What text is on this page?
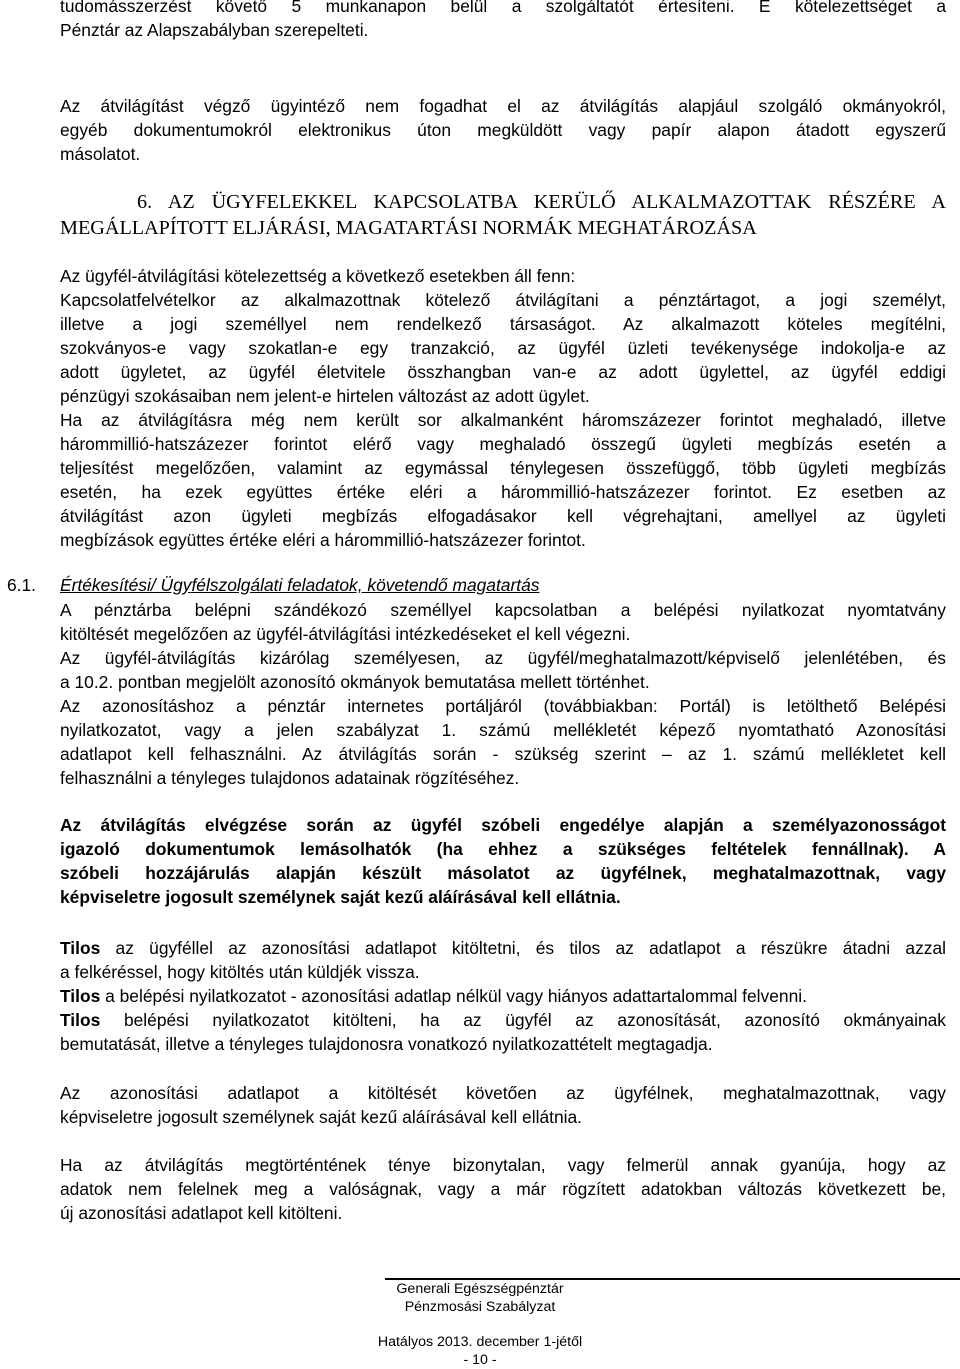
tudomásszerzést követő 5 munkanapon belül a szolgáltatót értesíteni. E kötelezettséget a
Pénztár az Alapszabályban szerepelteti.
Az átvilágítást végző ügyintéző nem fogadhat el az átvilágítás alapjául szolgáló okmányokról,
egyéb dokumentumokról elektronikus úton megküldött vagy papír alapon átadott egyszerű
másolatot.
6. AZ ÜGYFELEKKEL KAPCSOLATBA KERÜLŐ ALKALMAZOTTAK RÉSZÉRE A
MEGÁLLAPÍTOTT ELJÁRÁSI, MAGATARTÁSI NORMÁK MEGHATÁROZÁSA
Az ügyfél-átvilágítási kötelezettség a következő esetekben áll fenn:
Kapcsolatfelvételkor az alkalmazottnak kötelező átvilágítani a pénztártagot, a jogi személyt,
illetve a jogi személlyel nem rendelkező társaságot. Az alkalmazott köteles megítélni,
szokványos-e vagy szokatlan-e egy tranzakció, az ügyfél üzleti tevékenysége indokolja-e az
adott ügyletet, az ügyfél életvitele összhangban van-e az adott ügylettel, az ügyfél eddigi
pénzügyi szokásaiban nem jelent-e hirtelen változást az adott ügylet.
Ha az átvilágításra még nem került sor alkalmanként háromszázezer forintot meghaladó, illetve
hárommillió-hatszázezer forintot elérő vagy meghaladó összegű ügyleti megbízás esetén a
teljesítést megelőzően, valamint az egymással ténylegesen összefüggő, több ügyleti megbízás
esetén, ha ezek együttes értéke eléri a hárommillió-hatszázezer forintot. Ez esetben az
átvilágítást azon ügyleti megbízás elfogadásakor kell végrehajtani, amellyel az ügyleti
megbízások együttes értéke eléri a hárommillió-hatszázezer forintot.
6.1. Értékesítési/ Ügyfélszolgálati feladatok, követendő magatartás
A pénztárba belépni szándékozó személlyel kapcsolatban a belépési nyilatkozat nyomtatvány
kitöltését megelőzően az ügyfél-átvilágítási intézkedéseket el kell végezni.
Az ügyfél-átvilágítás kizárólag személyesen, az ügyfél/meghatalmazott/képviselő jelenlétében, és
a 10.2. pontban megjelölt azonosító okmányok bemutatása mellett történhet.
Az azonosításhoz a pénztár internetes portáljáról (továbbiakban: Portál) is letölthető Belépési
nyilatkozatot, vagy a jelen szabályzat 1. számú mellékletét képező nyomtatható Azonosítási
adatlapot kell felhasználni. Az átvilágítás során - szükség szerint – az 1. számú mellékletet kell
felhasználni a tényleges tulajdonos adatainak rögzítéséhez.
Az átvilágítás elvégzése során az ügyfél szóbeli engedélye alapján a személyazonosságot
igazoló dokumentumok lemásolhatók (ha ehhez a szükséges feltételek fennállnak). A
szóbeli hozzájárulás alapján készült másolatot az ügyfélnek, meghatalmazottnak, vagy
képviseletre jogosult személynek saját kezű aláírásával kell ellátnia.
Tilos az ügyféllel az azonosítási adatlapot kitöltetni, és tilos az adatlapot a részükre átadni azzal
a felkéréssel, hogy kitöltés után küldjék vissza.
Tilos a belépési nyilatkozatot - azonosítási adatlap nélkül vagy hiányos adattartalommal felvenni.
Tilos belépési nyilatkozatot kitölteni, ha az ügyfél az azonosítását, azonosító okmányainak
bemutatását, illetve a tényleges tulajdonosra vonatkozó nyilatkozattételt megtagadja.
Az azonosítási adatlapot a kitöltését követően az ügyfélnek, meghatalmazottnak, vagy
képviseletre jogosult személynek saját kezű aláírásával kell ellátnia.
Ha az átvilágítás megtörténtének ténye bizonytalan, vagy felmerül annak gyanúja, hogy az
adatok nem felelnek meg a valóságnak, vagy a már rögzített adatokban változás következett be,
új azonosítási adatlapot kell kitölteni.
Generali Egészségpénztár
Pénzmosási Szabályzat
Hatályos 2013. december 1-jétől
- 10 -
